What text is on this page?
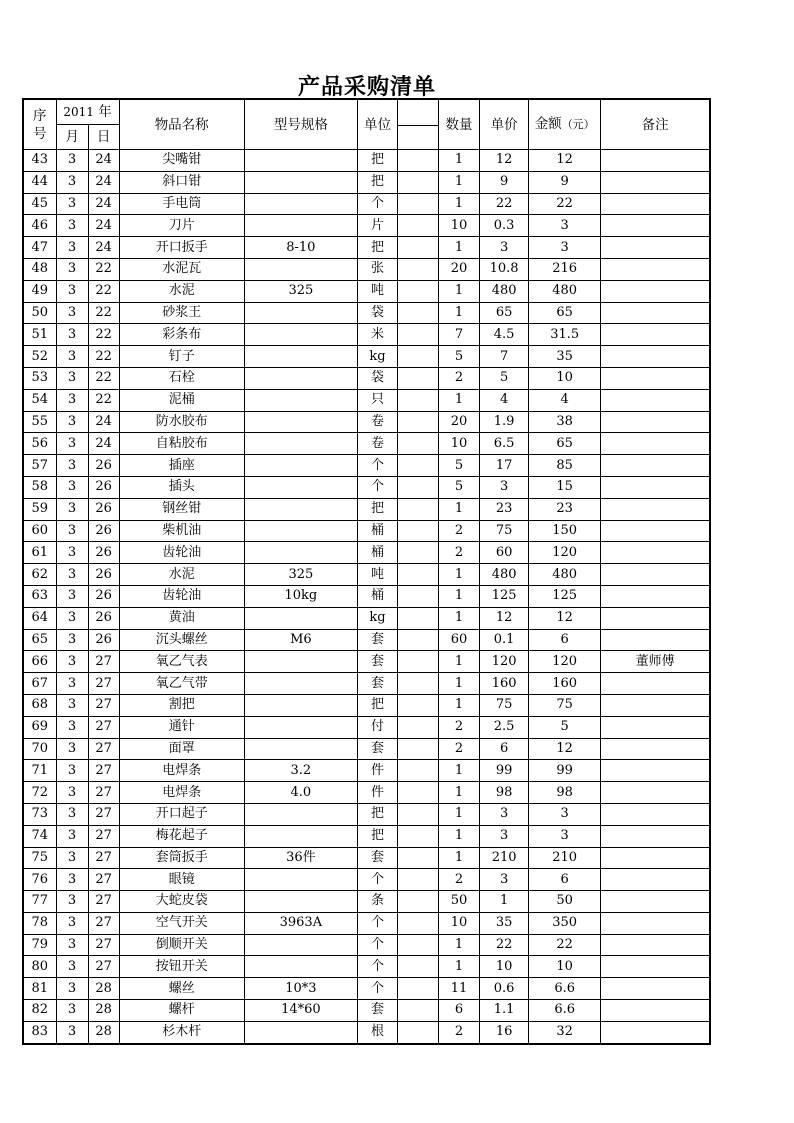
产品采购清单
序号	2011 年		物品名称	型号规格	单位		数量	单价	金额（元）	备注
	月	日								
43	3	24	尖嘴钳		把		1	12	12	
44	3	24	斜口钳		把		1	9	9	
45	3	24	手电筒		个		1	22	22	
46	3	24	刀片		片		10	0.3	3	
47	3	24	开口扳手	8-10	把		1	3	3	
48	3	22	水泥瓦		张		20	10.8	216	
49	3	22	水泥	325	吨		1	480	480	
50	3	22	砂浆王		袋		1	65	65	
51	3	22	彩条布		米		7	4.5	31.5	
52	3	22	钉子		kg		5	7	35	
53	3	22	石栓		袋		2	5	10	
54	3	22	泥桶		只		1	4	4	
55	3	24	防水胶布		卷		20	1.9	38	
56	3	24	自粘胶布		卷		10	6.5	65	
57	3	26	插座		个		5	17	85	
58	3	26	插头		个		5	3	15	
59	3	26	钢丝钳		把		1	23	23	
60	3	26	柴机油		桶		2	75	150	
61	3	26	齿轮油		桶		2	60	120	
62	3	26	水泥	325	吨		1	480	480	
63	3	26	齿轮油	10kg	桶		1	125	125	
64	3	26	黄油		kg		1	12	12	
65	3	26	沉头螺丝	M6	套		60	0.1	6	
66	3	27	氧乙气表		套		1	120	120	董师傅
67	3	27	氧乙气带		套		1	160	160	
68	3	27	割把		把		1	75	75	
69	3	27	通针		付		2	2.5	5	
70	3	27	面罩		套		2	6	12	
71	3	27	电焊条	3.2	件		1	99	99	
72	3	27	电焊条	4.0	件		1	98	98	
73	3	27	开口起子		把		1	3	3	
74	3	27	梅花起子		把		1	3	3	
75	3	27	套筒扳手	36件	套		1	210	210	
76	3	27	眼镜		个		2	3	6	
77	3	27	大蛇皮袋		条		50	1	50	
78	3	27	空气开关	3963A	个		10	35	350	
79	3	27	倒顺开关		个		1	22	22	
80	3	27	按钮开关		个		1	10	10	
81	3	28	螺丝	10*3	个		11	0.6	6.6	
82	3	28	螺杆	14*60	套		6	1.1	6.6	
83	3	28	杉木杆		根		2	16	32	
